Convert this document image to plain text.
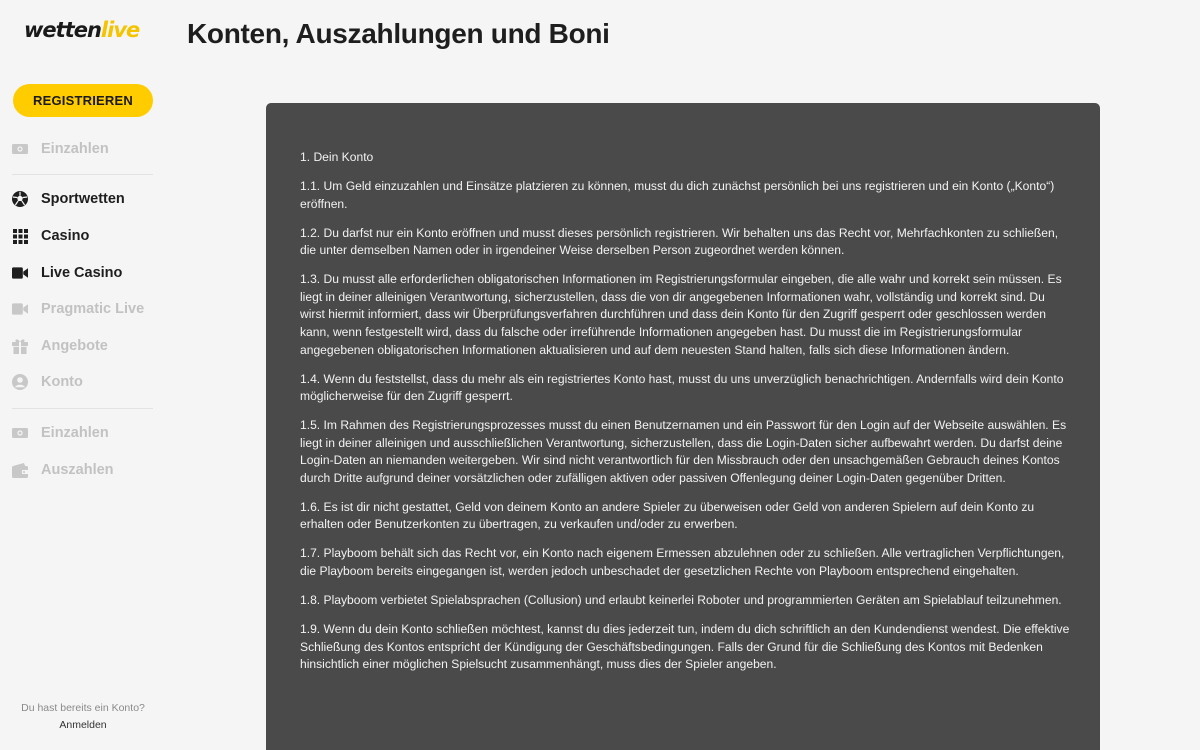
wettenlive
REGISTRIEREN
Einzahlen
Sportwetten
Casino
Live Casino
Pragmatic Live
Angebote
Konto
Einzahlen
Auszahlen
Du hast bereits ein Konto?
Anmelden
Konten, Auszahlungen und Boni

1. Dein Konto

1.1. Um Geld einzuzahlen und Einsätze platzieren zu können, musst du dich zunächst persönlich bei uns registrieren und ein Konto („Konto“) eröffnen.

1.2. Du darfst nur ein Konto eröffnen und musst dieses persönlich registrieren. Wir behalten uns das Recht vor, Mehrfachkonten zu schließen, die unter demselben Namen oder in irgendeiner Weise derselben Person zugeordnet werden können.

1.3. Du musst alle erforderlichen obligatorischen Informationen im Registrierungsformular eingeben, die alle wahr und korrekt sein müssen. Es liegt in deiner alleinigen Verantwortung, sicherzustellen, dass die von dir angegebenen Informationen wahr, vollständig und korrekt sind. Du wirst hiermit informiert, dass wir Überprüfungsverfahren durchführen und dass dein Konto für den Zugriff gesperrt oder geschlossen werden kann, wenn festgestellt wird, dass du falsche oder irreführende Informationen angegeben hast. Du musst die im Registrierungsformular angegebenen obligatorischen Informationen aktualisieren und auf dem neuesten Stand halten, falls sich diese Informationen ändern.

1.4. Wenn du feststellst, dass du mehr als ein registriertes Konto hast, musst du uns unverzüglich benachrichtigen. Andernfalls wird dein Konto möglicherweise für den Zugriff gesperrt.

1.5. Im Rahmen des Registrierungsprozesses musst du einen Benutzernamen und ein Passwort für den Login auf der Webseite auswählen. Es liegt in deiner alleinigen und ausschließlichen Verantwortung, sicherzustellen, dass die Login-Daten sicher aufbewahrt werden. Du darfst deine Login-Daten an niemanden weitergeben. Wir sind nicht verantwortlich für den Missbrauch oder den unsachgemäßen Gebrauch deines Kontos durch Dritte aufgrund deiner vorsätzlichen oder zufälligen aktiven oder passiven Offenlegung deiner Login-Daten gegenüber Dritten.

1.6. Es ist dir nicht gestattet, Geld von deinem Konto an andere Spieler zu überweisen oder Geld von anderen Spielern auf dein Konto zu erhalten oder Benutzerkonten zu übertragen, zu verkaufen und/oder zu erwerben.

1.7. Playboom behält sich das Recht vor, ein Konto nach eigenem Ermessen abzulehnen oder zu schließen. Alle vertraglichen Verpflichtungen, die Playboom bereits eingegangen ist, werden jedoch unbeschadet der gesetzlichen Rechte von Playboom entsprechend eingehalten.

1.8. Playboom verbietet Spielabsprachen (Collusion) und erlaubt keinerlei Roboter und programmierten Geräten am Spielablauf teilzunehmen.

1.9. Wenn du dein Konto schließen möchtest, kannst du dies jederzeit tun, indem du dich schriftlich an den Kundendienst wendest. Die effektive Schließung des Kontos entspricht der Kündigung der Geschäftsbedingungen. Falls der Grund für die Schließung des Kontos mit Bedenken hinsichtlich einer möglichen Spielsucht zusammenhängt, muss dies der Spieler angeben.
